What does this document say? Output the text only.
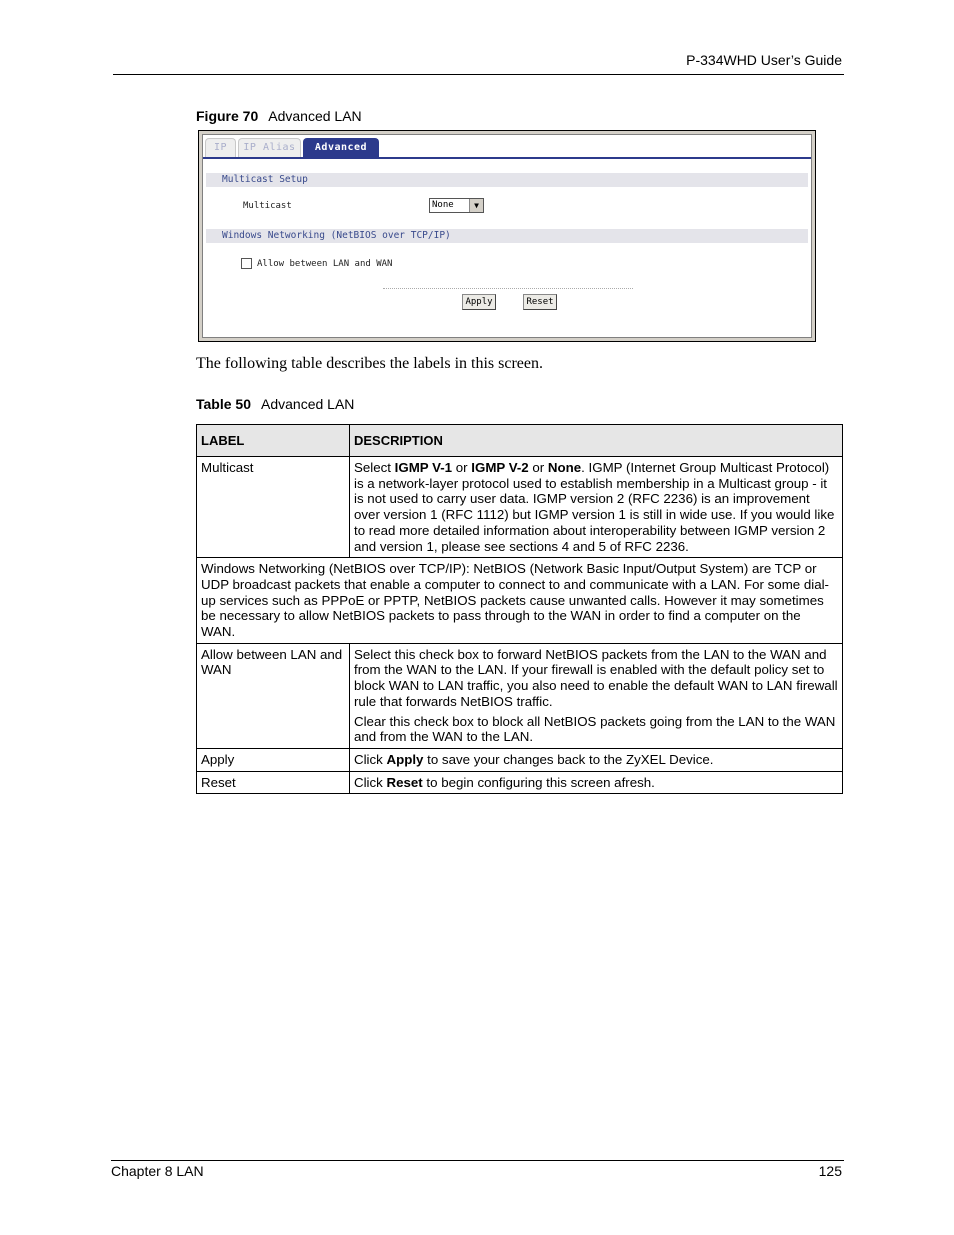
P-334WHD User’s Guide
Figure 70 Advanced LAN
IP	IP Alias	Advanced
Multicast Setup
Multicast	None	▼
Windows Networking (NetBIOS over TCP/IP)
Allow between LAN and WAN
Apply	Reset
The following table describes the labels in this screen.
Table 50 Advanced LAN
LABEL	DESCRIPTION
Multicast	Select IGMP V-1 or IGMP V-2 or None. IGMP (Internet Group Multicast Protocol) is a network-layer protocol used to establish membership in a Multicast group - it is not used to carry user data. IGMP version 2 (RFC 2236) is an improvement over version 1 (RFC 1112) but IGMP version 1 is still in wide use. If you would like to read more detailed information about interoperability between IGMP version 2 and version 1, please see sections 4 and 5 of RFC 2236.
Windows Networking (NetBIOS over TCP/IP): NetBIOS (Network Basic Input/Output System) are TCP or UDP broadcast packets that enable a computer to connect to and communicate with a LAN. For some dial-up services such as PPPoE or PPTP, NetBIOS packets cause unwanted calls. However it may sometimes be necessary to allow NetBIOS packets to pass through to the WAN in order to find a computer on the WAN.	
Allow between LAN and WAN	Select this check box to forward NetBIOS packets from the LAN to the WAN and from the WAN to the LAN. If your firewall is enabled with the default policy set to block WAN to LAN traffic, you also need to enable the default WAN to LAN firewall rule that forwards NetBIOS traffic.

Clear this check box to block all NetBIOS packets going from the LAN to the WAN and from the WAN to the LAN.

Apply	Click Apply to save your changes back to the ZyXEL Device.
Reset	Click Reset to begin configuring this screen afresh.
Chapter 8 LAN	125
